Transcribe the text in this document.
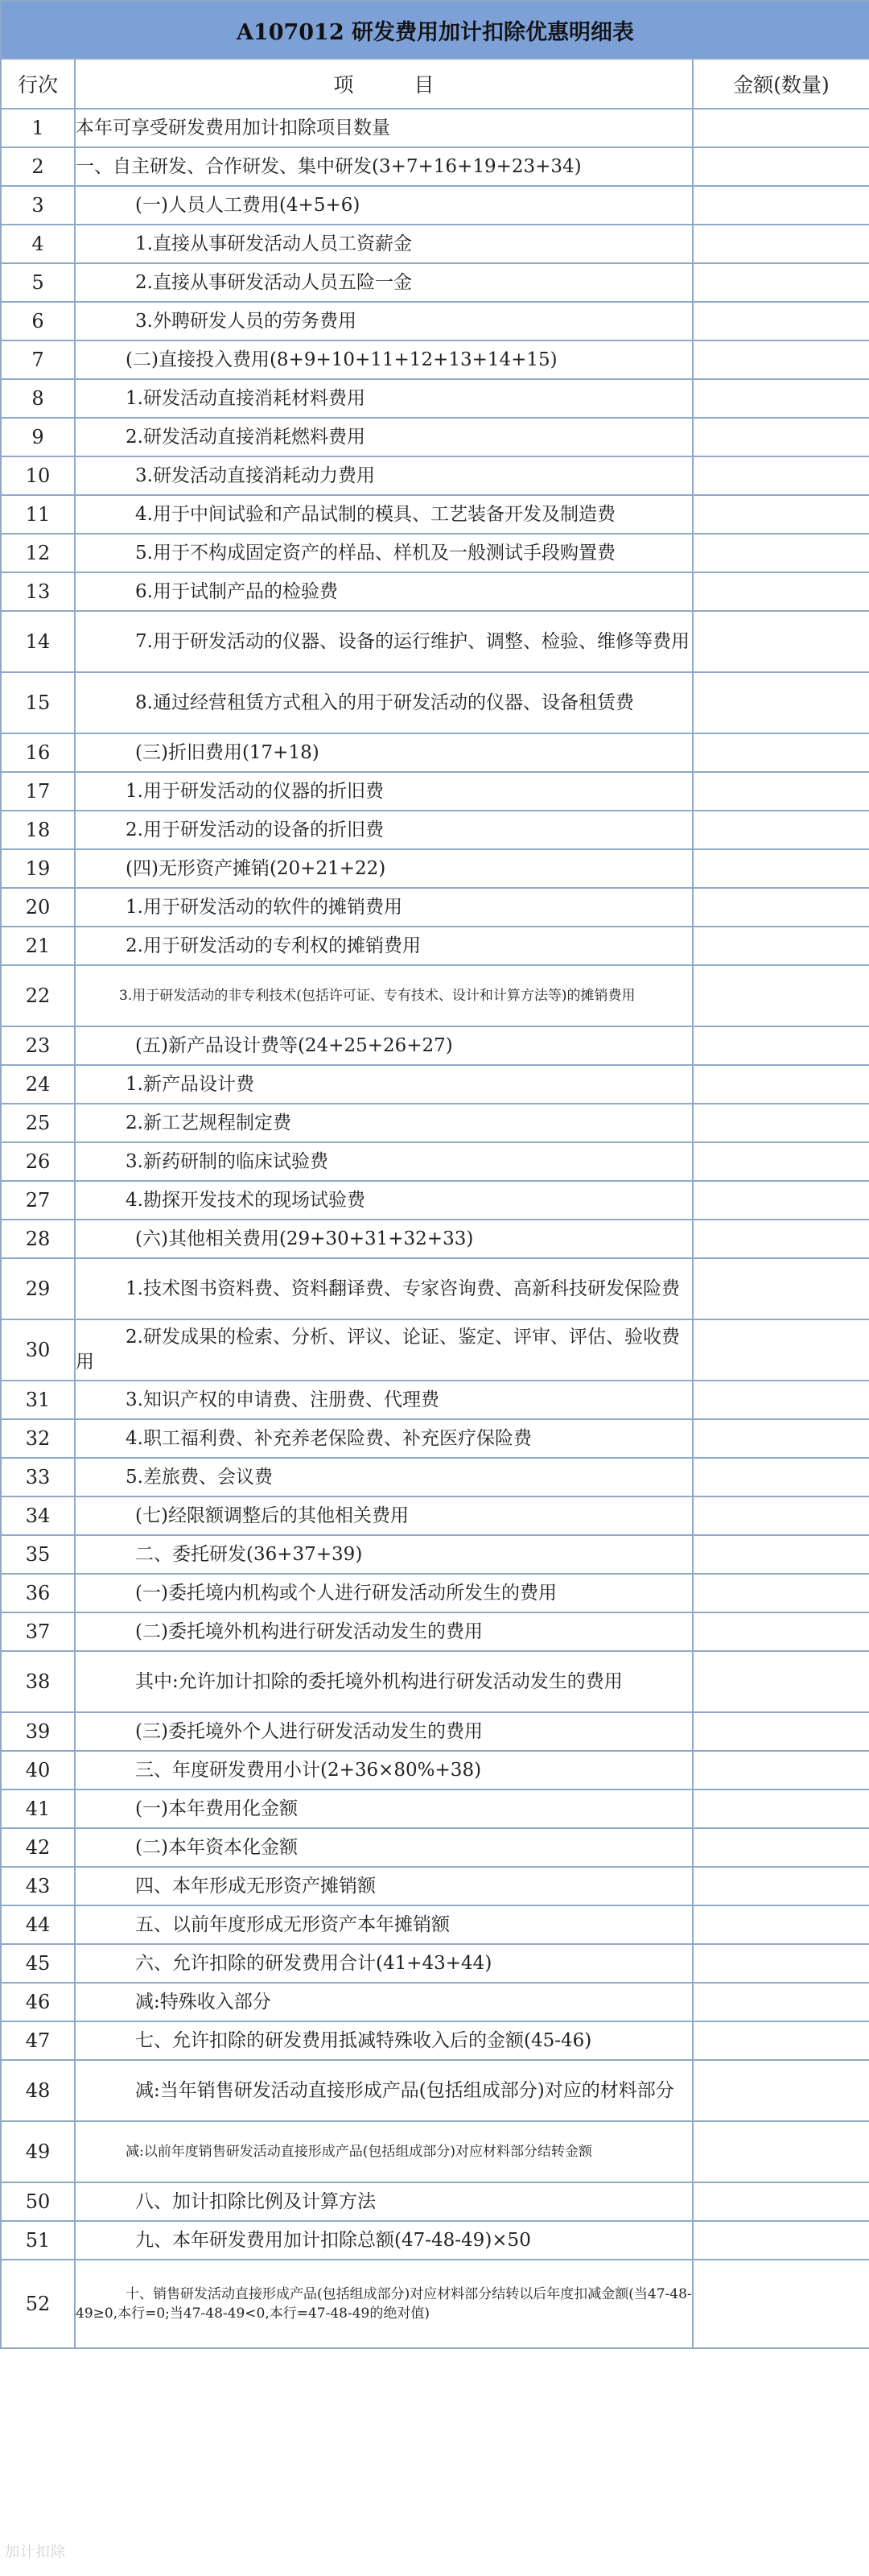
A107012 研发费用加计扣除优惠明细表		
行次	项　　　目	金额(数量)
1	本年可享受研发费用加计扣除项目数量	
2	一、自主研发、合作研发、集中研发(3+7+16+19+23+34)	
3	(一)人员人工费用(4+5+6)	
4	1.直接从事研发活动人员工资薪金	
5	2.直接从事研发活动人员五险一金	
6	3.外聘研发人员的劳务费用	
7	(二)直接投入费用(8+9+10+11+12+13+14+15)	
8	1.研发活动直接消耗材料费用	
9	2.研发活动直接消耗燃料费用	
10	3.研发活动直接消耗动力费用	
11	4.用于中间试验和产品试制的模具、工艺装备开发及制造费	
12	5.用于不构成固定资产的样品、样机及一般测试手段购置费	
13	6.用于试制产品的检验费	
14	7.用于研发活动的仪器、设备的运行维护、调整、检验、维修等费用	
15	8.通过经营租赁方式租入的用于研发活动的仪器、设备租赁费	
16	(三)折旧费用(17+18)	
17	1.用于研发活动的仪器的折旧费	
18	2.用于研发活动的设备的折旧费	
19	(四)无形资产摊销(20+21+22)	
20	1.用于研发活动的软件的摊销费用	
21	2.用于研发活动的专利权的摊销费用	
22	3.用于研发活动的非专利技术(包括许可证、专有技术、设计和计算方法等)的摊销费用	
23	(五)新产品设计费等(24+25+26+27)	
24	1.新产品设计费	
25	2.新工艺规程制定费	
26	3.新药研制的临床试验费	
27	4.勘探开发技术的现场试验费	
28	(六)其他相关费用(29+30+31+32+33)	
29	1.技术图书资料费、资料翻译费、专家咨询费、高新科技研发保险费	
30	2.研发成果的检索、分析、评议、论证、鉴定、评审、评估、验收费用	
31	3.知识产权的申请费、注册费、代理费	
32	4.职工福利费、补充养老保险费、补充医疗保险费	
33	5.差旅费、会议费	
34	(七)经限额调整后的其他相关费用	
35	二、委托研发(36+37+39)	
36	(一)委托境内机构或个人进行研发活动所发生的费用	
37	(二)委托境外机构进行研发活动发生的费用	
38	其中:允许加计扣除的委托境外机构进行研发活动发生的费用	
39	(三)委托境外个人进行研发活动发生的费用	
40	三、年度研发费用小计(2+36×80%+38)	
41	(一)本年费用化金额	
42	(二)本年资本化金额	
43	四、本年形成无形资产摊销额	
44	五、以前年度形成无形资产本年摊销额	
45	六、允许扣除的研发费用合计(41+43+44)	
46	减:特殊收入部分	
47	七、允许扣除的研发费用抵减特殊收入后的金额(45-46)	
48	减:当年销售研发活动直接形成产品(包括组成部分)对应的材料部分	
49	减:以前年度销售研发活动直接形成产品(包括组成部分)对应材料部分结转金额	
50	八、加计扣除比例及计算方法	
51	九、本年研发费用加计扣除总额(47-48-49)×50	
52	十、销售研发活动直接形成产品(包括组成部分)对应材料部分结转以后年度扣减金额(当47-48-49≥0,本行=0;当47-48-49<0,本行=47-48-49的绝对值)	
加计扣除
